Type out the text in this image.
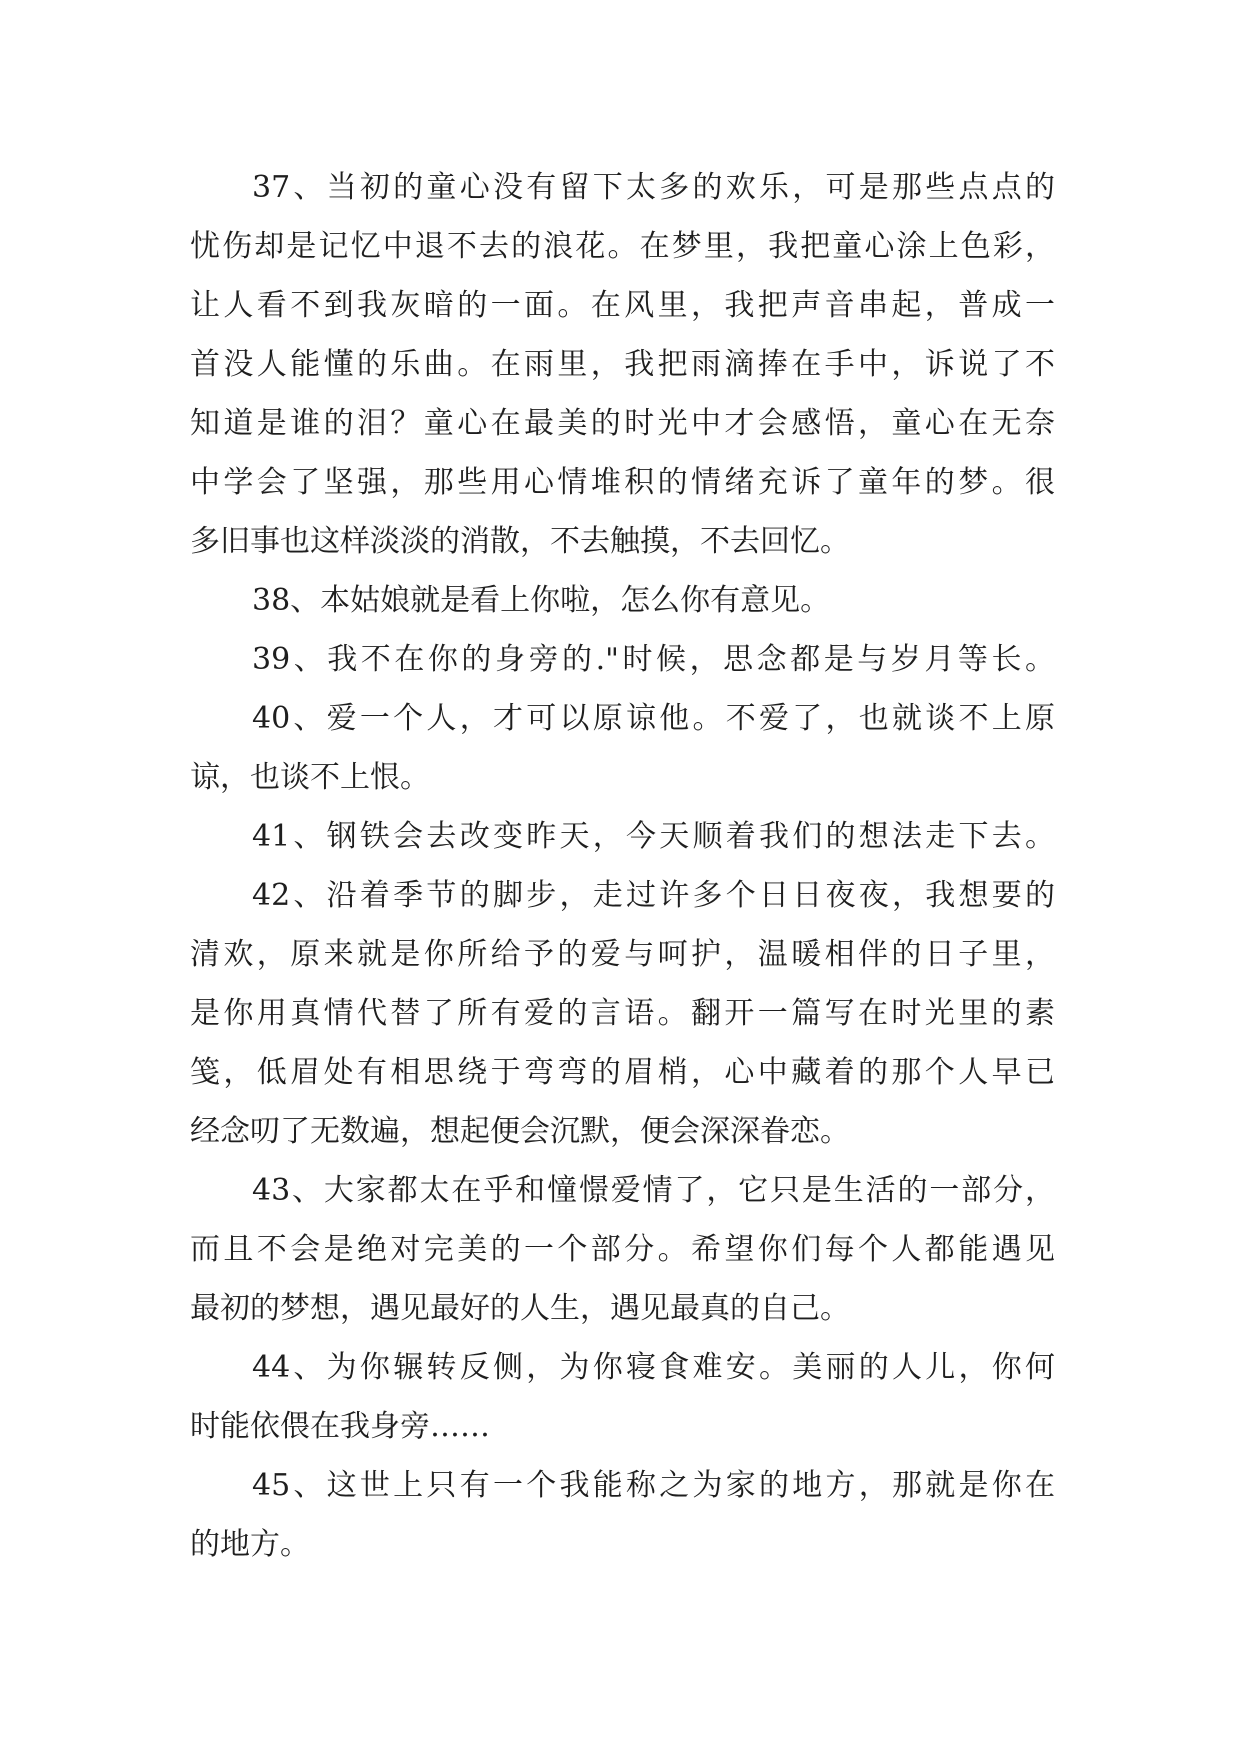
37、当初的童心没有留下太多的欢乐，可是那些点点的
忧伤却是记忆中退不去的浪花。在梦里，我把童心涂上色彩，
让人看不到我灰暗的一面。在风里，我把声音串起，普成一
首没人能懂的乐曲。在雨里，我把雨滴捧在手中，诉说了不
知道是谁的泪？童心在最美的时光中才会感悟，童心在无奈
中学会了坚强，那些用心情堆积的情绪充诉了童年的梦。很
多旧事也这样淡淡的消散，不去触摸，不去回忆。

38、本姑娘就是看上你啦，怎么你有意见。

39、我不在你的身旁的."时候，思念都是与岁月等长。

40、爱一个人，才可以原谅他。不爱了，也就谈不上原
谅，也谈不上恨。

41、钢铁会去改变昨天，今天顺着我们的想法走下去。

42、沿着季节的脚步，走过许多个日日夜夜，我想要的
清欢，原来就是你所给予的爱与呵护，温暖相伴的日子里，
是你用真情代替了所有爱的言语。翻开一篇写在时光里的素
笺，低眉处有相思绕于弯弯的眉梢，心中藏着的那个人早已
经念叨了无数遍，想起便会沉默，便会深深眷恋。

43、大家都太在乎和憧憬爱情了，它只是生活的一部分，
而且不会是绝对完美的一个部分。希望你们每个人都能遇见
最初的梦想，遇见最好的人生，遇见最真的自己。

44、为你辗转反侧，为你寝食难安。美丽的人儿，你何
时能依偎在我身旁……

45、这世上只有一个我能称之为家的地方，那就是你在
的地方。
